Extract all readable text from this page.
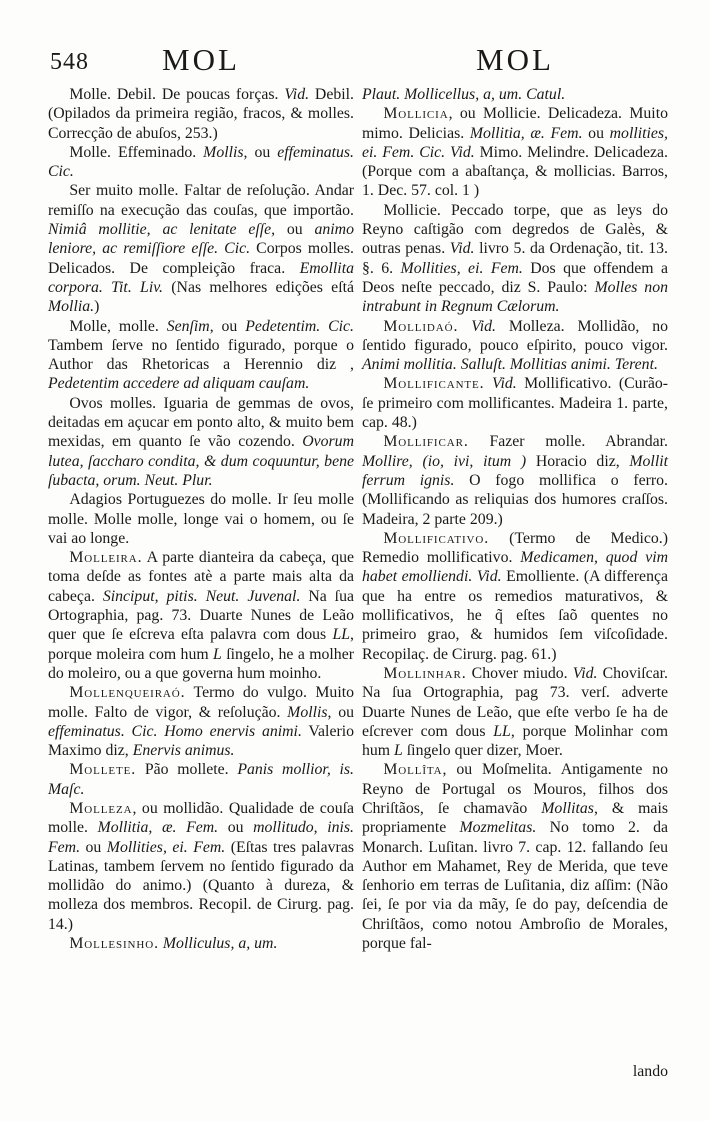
548	MOL	MOL

Molle. Debil. De poucas forças. Vid. Debil. (Opilados da primeira região, fracos, & molles. Correcção de abuſos, 253.)

Molle. Effeminado. Mollis, ou effeminatus. Cic.

Ser muito molle. Faltar de reſolução. Andar remiſſo na execução das couſas, que importão. Nimiâ mollitie, ac lenitate eſſe, ou animo leniore, ac remiſſiore eſſe. Cic. Corpos molles. Delicados. De compleição fraca. Emollita corpora. Tit. Liv. (Nas melhores edições eſtá Mollia.)

Molle, molle. Senſim, ou Pedetentim. Cic. Tambem ſerve no ſentido figurado, porque o Author das Rhetoricas a Herennio diz , Pedetentim accedere ad aliquam cauſam.

Ovos molles. Iguaria de gemmas de ovos, deitadas em açucar em ponto alto, & muito bem mexidas, em quanto ſe vão cozendo. Ovorum lutea, ſaccharo condita, & dum coquuntur, bene ſubacta, orum. Neut. Plur.

Adagios Portuguezes do molle. Ir ſeu molle molle. Molle molle, longe vai o homem, ou ſe vai ao longe.

Molleira. A parte dianteira da cabeça, que toma deſde as fontes atè a parte mais alta da cabeça. Sinciput, pitis. Neut. Juvenal. Na ſua Ortographia, pag. 73. Duarte Nunes de Leão quer que ſe eſcreva eſta palavra com dous LL, porque moleira com hum L ſingelo, he a molher do moleiro, ou a que governa hum moinho.

Mollenqueiraó. Termo do vulgo. Muito molle. Falto de vigor, & reſolução. Mollis, ou effeminatus. Cic. Homo enervis animi. Valerio Maximo diz, Enervis animus.

Mollete. Pão mollete. Panis mollior, is. Maſc.

Molleza, ou mollidão. Qualidade de couſa molle. Mollitia, æ. Fem. ou mollitudo, inis. Fem. ou Mollities, ei. Fem. (Eſtas tres palavras Latinas, tambem ſervem no ſentido figurado da mollidão do animo.) (Quanto à dureza, & molleza dos membros. Recopil. de Cirurg. pag. 14.)

Mollesinho. Molliculus, a, um.

Plaut. Mollicellus, a, um. Catul.

Mollicia, ou Mollicie. Delicadeza. Muito mimo. Delicias. Mollitia, æ. Fem. ou mollities, ei. Fem. Cic. Vid. Mimo. Melindre. Delicadeza. (Porque com a abaſtança, & mollicias. Barros, 1. Dec. 57. col. 1 )

Mollicie. Peccado torpe, que as leys do Reyno caſtigão com degredos de Galès, & outras penas. Vid. livro 5. da Ordenação, tit. 13. §. 6. Mollities, ei. Fem. Dos que offendem a Deos neſte peccado, diz S. Paulo: Molles non intrabunt in Regnum Cælorum.

Mollidaó. Vid. Molleza. Mollidão, no ſentido figurado, pouco eſpirito, pouco vigor. Animi mollitia. Salluſt. Mollitias animi. Terent.

Mollificante. Vid. Mollificativo. (Curão-ſe primeiro com mollificantes. Madeira 1. parte, cap. 48.)

Mollificar. Fazer molle. Abrandar. Mollire, (io, ivi, itum ) Horacio diz, Mollit ferrum ignis. O fogo mollifica o ferro. (Mollificando as reliquias dos humores craſſos. Madeira, 2 parte 209.)

Mollificativo. (Termo de Medico.) Remedio mollificativo. Medicamen, quod vim habet emolliendi. Vid. Emolliente. (A differença que ha entre os remedios maturativos, & mollificativos, he q̃ eſtes ſaõ quentes no primeiro grao, & humidos ſem viſcoſidade. Recopilaç. de Cirurg. pag. 61.)

Mollinhar. Chover miudo. Vid. Choviſcar. Na ſua Ortographia, pag 73. verſ. adverte Duarte Nunes de Leão, que eſte verbo ſe ha de eſcrever com dous LL, porque Molinhar com hum L ſingelo quer dizer, Moer.

Mollîta, ou Moſmelita. Antigamente no Reyno de Portugal os Mouros, filhos dos Chriſtãos, ſe chamavão Mollitas, & mais propriamente Mozmelitas. No tomo 2. da Monarch. Luſitan. livro 7. cap. 12. fallando ſeu Author em Mahamet, Rey de Merida, que teve ſenhorio em terras de Luſitania, diz aſſim: (Não ſei, ſe por via da mãy, ſe do pay, deſcendia de Chriſtãos, como notou Ambroſio de Morales, porque fal-

lando
